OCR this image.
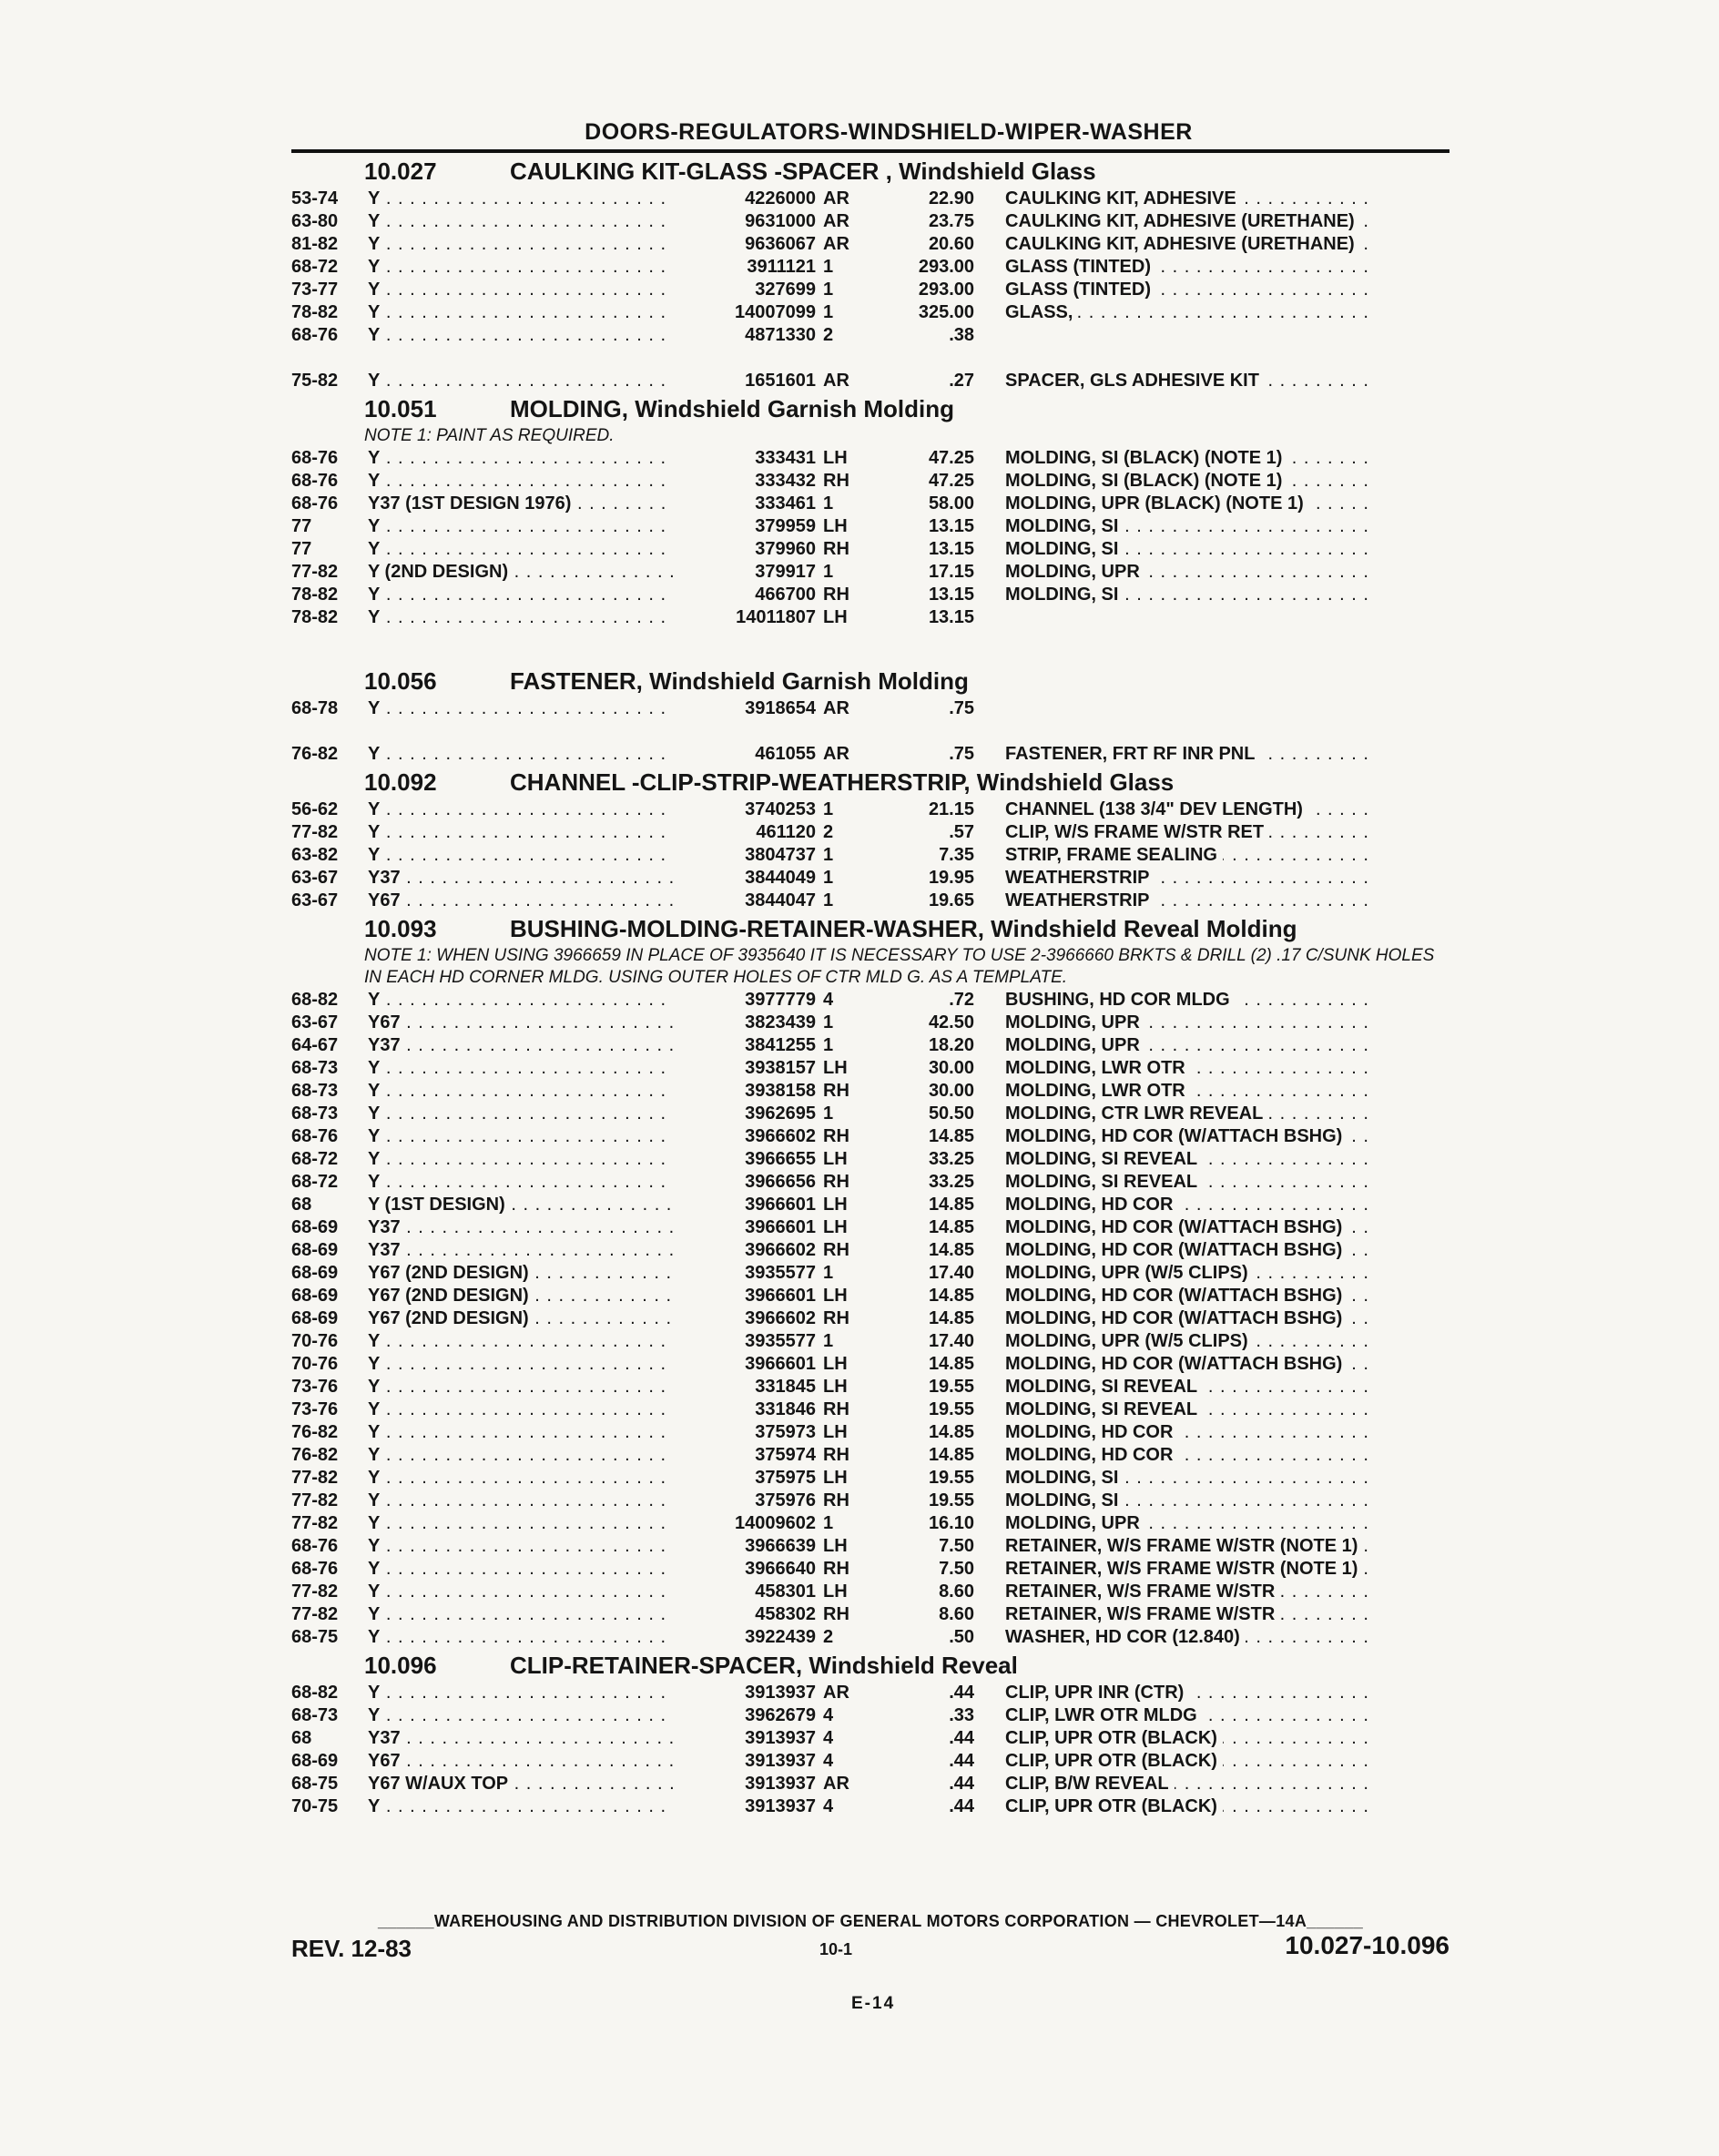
DOORS-REGULATORS-WINDSHIELD-WIPER-WASHER
10.027	CAULKING KIT-GLASS -SPACER , Windshield Glass
53-74	Y . . .	4226000 AR	22.90 CAULKING KIT, ADHESIVE
. . .
63-80	Y . . .	9631000 AR	23.75 CAULKING KIT, ADHESIVE (URETHANE)
. . .
81-82	Y . . .	9636067 AR	20.60 CAULKING KIT, ADHESIVE (URETHANE)
. . .
68-72	Y . . .	3911121 1	293.00 GLASS (TINTED)
. . .
73-77	Y . . .	327699 1	293.00 GLASS (TINTED)
. . .
78-82	Y . . .	14007099 1	325.00 GLASS,
. . .
68-76	Y . . .	4871330 2	.38
75-82	Y . . .	1651601 AR	.27 SPACER, GLS ADHESIVE KIT
. . .
10.051	MOLDING, Windshield Garnish Molding
NOTE 1: PAINT AS REQUIRED.
68-76	Y . . .	333431 LH	47.25 MOLDING, SI (BLACK) (NOTE 1)
. . .
68-76	Y . . .	333432 RH	47.25 MOLDING, SI (BLACK) (NOTE 1)
. . .
68-76	Y37 (1ST DESIGN 1976) . . .	333461 1	58.00 MOLDING, UPR (BLACK) (NOTE 1)
. . .
77	Y . . .	379959 LH	13.15 MOLDING, SI
. . .
77	Y . . .	379960 RH	13.15 MOLDING, SI
. . .
77-82	Y (2ND DESIGN) . . .	379917 1	17.15 MOLDING, UPR
. . .
78-82	Y . . .	466700 RH	13.15 MOLDING, SI
. . .
78-82	Y . . .	14011807 LH	13.15
10.056	FASTENER, Windshield Garnish Molding
68-78	Y . . .	3918654 AR	.75
76-82	Y . . .	461055 AR	.75 FASTENER, FRT RF INR PNL
. . .
10.092	CHANNEL -CLIP-STRIP-WEATHERSTRIP, Windshield Glass
56-62	Y . . .	3740253 1	21.15 CHANNEL (138 3/4" DEV LENGTH)
. . .
77-82	Y . . .	461120 2	.57 CLIP, W/S FRAME W/STR RET
. . .
63-82	Y . . .	3804737 1	7.35 STRIP, FRAME SEALING
. . .
63-67	Y37 . . .	3844049 1	19.95 WEATHERSTRIP
. . .
63-67	Y67 . . .	3844047 1	19.65 WEATHERSTRIP
. . .
10.093	BUSHING-MOLDING-RETAINER-WASHER, Windshield Reveal Molding
NOTE 1: WHEN USING 3966659 IN PLACE OF 3935640 IT IS NECESSARY TO USE 2-3966660 BRKTS & DRILL (2) .17 C/SUNK HOLES IN EACH HD CORNER MLDG. USING OUTER HOLES OF CTR MLD G. AS A TEMPLATE.
68-82	Y . . .	3977779 4	.72 BUSHING, HD COR MLDG
. . .
63-67	Y67 . . .	3823439 1	42.50 MOLDING, UPR
. . .
64-67	Y37 . . .	3841255 1	18.20 MOLDING, UPR
. . .
68-73	Y . . .	3938157 LH	30.00 MOLDING, LWR OTR
. . .
68-73	Y . . .	3938158 RH	30.00 MOLDING, LWR OTR
. . .
68-73	Y . . .	3962695 1	50.50 MOLDING, CTR LWR REVEAL
. . .
68-76	Y . . .	3966602 RH	14.85 MOLDING, HD COR (W/ATTACH BSHG)
. . .
68-72	Y . . .	3966655 LH	33.25 MOLDING, SI REVEAL
. . .
68-72	Y . . .	3966656 RH	33.25 MOLDING, SI REVEAL
. . .
68	Y (1ST DESIGN) . . .	3966601 LH	14.85 MOLDING, HD COR
. . .
68-69	Y37 . . .	3966601 LH	14.85 MOLDING, HD COR (W/ATTACH BSHG)
. . .
68-69	Y37 . . .	3966602 RH	14.85 MOLDING, HD COR (W/ATTACH BSHG)
. . .
68-69	Y67 (2ND DESIGN) . . .	3935577 1	17.40 MOLDING, UPR (W/5 CLIPS)
. . .
68-69	Y67 (2ND DESIGN) . . .	3966601 LH	14.85 MOLDING, HD COR (W/ATTACH BSHG)
. . .
68-69	Y67 (2ND DESIGN) . . .	3966602 RH	14.85 MOLDING, HD COR (W/ATTACH BSHG)
. . .
70-76	Y . . .	3935577 1	17.40 MOLDING, UPR (W/5 CLIPS)
. . .
70-76	Y . . .	3966601 LH	14.85 MOLDING, HD COR (W/ATTACH BSHG)
. . .
73-76	Y . . .	331845 LH	19.55 MOLDING, SI REVEAL
. . .
73-76	Y . . .	331846 RH	19.55 MOLDING, SI REVEAL
. . .
76-82	Y . . .	375973 LH	14.85 MOLDING, HD COR
. . .
76-82	Y . . .	375974 RH	14.85 MOLDING, HD COR
. . .
77-82	Y . . .	375975 LH	19.55 MOLDING, SI
. . .
77-82	Y . . .	375976 RH	19.55 MOLDING, SI
. . .
77-82	Y . . .	14009602 1	16.10 MOLDING, UPR
. . .
68-76	Y . . .	3966639 LH	7.50 RETAINER, W/S FRAME W/STR (NOTE 1)
. . .
68-76	Y . . .	3966640 RH	7.50 RETAINER, W/S FRAME W/STR (NOTE 1)
. . .
77-82	Y . . .	458301 LH	8.60 RETAINER, W/S FRAME W/STR
. . .
77-82	Y . . .	458302 RH	8.60 RETAINER, W/S FRAME W/STR
. . .
68-75	Y . . .	3922439 2	.50 WASHER, HD COR (12.840)
. . .
10.096	CLIP-RETAINER-SPACER, Windshield Reveal
68-82	Y . . .	3913937 AR	.44 CLIP, UPR INR (CTR)
. . .
68-73	Y . . .	3962679 4	.33 CLIP, LWR OTR MLDG
. . .
68	Y37 . . .	3913937 4	.44 CLIP, UPR OTR (BLACK)
. . .
68-69	Y67 . . .	3913937 4	.44 CLIP, UPR OTR (BLACK)
. . .
68-75	Y67 W/AUX TOP . . .	3913937 AR	.44 CLIP, B/W REVEAL
. . .
70-75	Y . . .	3913937 4	.44 CLIP, UPR OTR (BLACK)
. . .
______WAREHOUSING AND DISTRIBUTION DIVISION OF GENERAL MOTORS CORPORATION — CHEVROLET—14A______
REV. 12-83	10-1	10.027-10.096
E-14
